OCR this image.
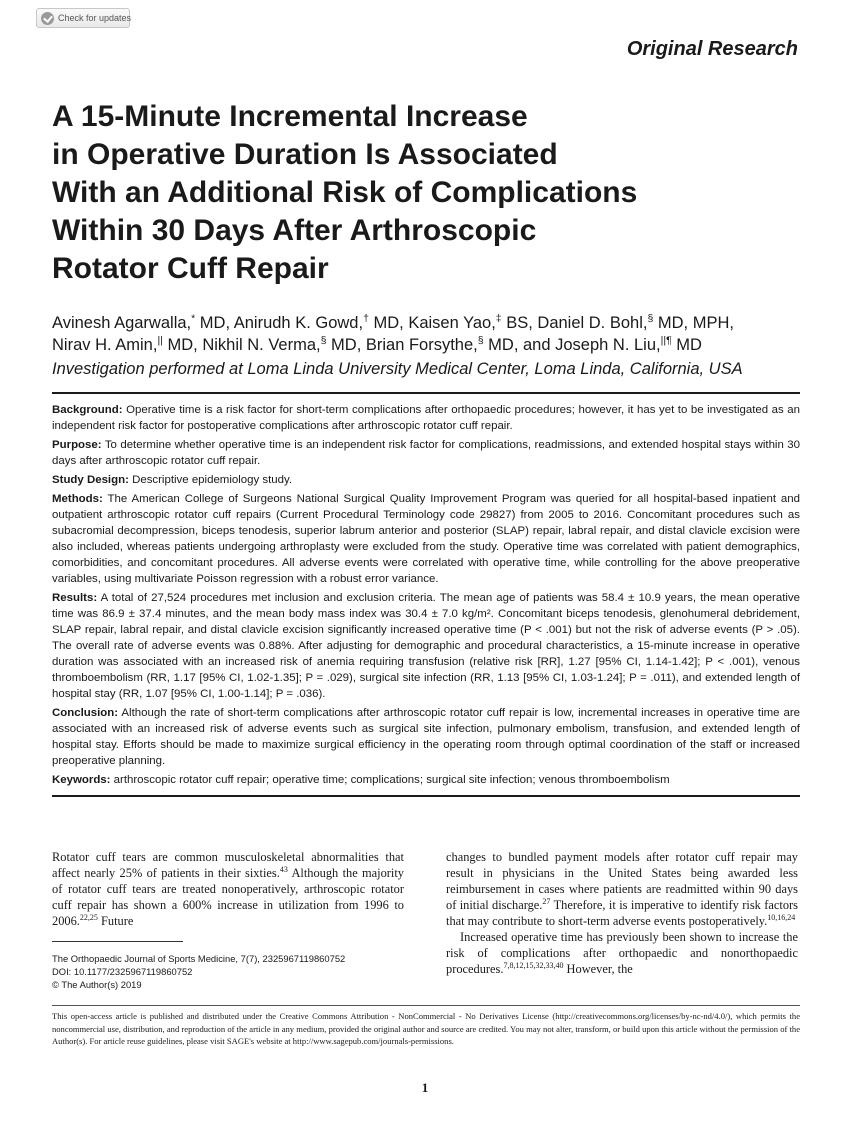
Check for updates
Original Research
A 15-Minute Incremental Increase
in Operative Duration Is Associated
With an Additional Risk of Complications
Within 30 Days After Arthroscopic
Rotator Cuff Repair
Avinesh Agarwalla,* MD, Anirudh K. Gowd,† MD, Kaisen Yao,‡ BS, Daniel D. Bohl,§ MD, MPH,
Nirav H. Amin,|| MD, Nikhil N. Verma,§ MD, Brian Forsythe,§ MD, and Joseph N. Liu,||¶ MD
Investigation performed at Loma Linda University Medical Center, Loma Linda, California, USA

Background: Operative time is a risk factor for short-term complications after orthopaedic procedures; however, it has yet to be investigated as an independent risk factor for postoperative complications after arthroscopic rotator cuff repair.

Purpose: To determine whether operative time is an independent risk factor for complications, readmissions, and extended hospital stays within 30 days after arthroscopic rotator cuff repair.

Study Design: Descriptive epidemiology study.

Methods: The American College of Surgeons National Surgical Quality Improvement Program was queried for all hospital-based inpatient and outpatient arthroscopic rotator cuff repairs (Current Procedural Terminology code 29827) from 2005 to 2016. Concomitant procedures such as subacromial decompression, biceps tenodesis, superior labrum anterior and posterior (SLAP) repair, labral repair, and distal clavicle excision were also included, whereas patients undergoing arthroplasty were excluded from the study. Operative time was correlated with patient demographics, comorbidities, and concomitant procedures. All adverse events were correlated with operative time, while controlling for the above preoperative variables, using multivariate Poisson regression with a robust error variance.

Results: A total of 27,524 procedures met inclusion and exclusion criteria. The mean age of patients was 58.4 ± 10.9 years, the mean operative time was 86.9 ± 37.4 minutes, and the mean body mass index was 30.4 ± 7.0 kg/m². Concomitant biceps tenodesis, glenohumeral debridement, SLAP repair, labral repair, and distal clavicle excision significantly increased operative time (P < .001) but not the risk of adverse events (P > .05). The overall rate of adverse events was 0.88%. After adjusting for demographic and procedural characteristics, a 15-minute increase in operative duration was associated with an increased risk of anemia requiring transfusion (relative risk [RR], 1.27 [95% CI, 1.14-1.42]; P < .001), venous thromboembolism (RR, 1.17 [95% CI, 1.02-1.35]; P = .029), surgical site infection (RR, 1.13 [95% CI, 1.03-1.24]; P = .011), and extended length of hospital stay (RR, 1.07 [95% CI, 1.00-1.14]; P = .036).

Conclusion: Although the rate of short-term complications after arthroscopic rotator cuff repair is low, incremental increases in operative time are associated with an increased risk of adverse events such as surgical site infection, pulmonary embolism, transfusion, and extended length of hospital stay. Efforts should be made to maximize surgical efficiency in the operating room through optimal coordination of the staff or increased preoperative planning.

Keywords: arthroscopic rotator cuff repair; operative time; complications; surgical site infection; venous thromboembolism

Rotator cuff tears are common musculoskeletal abnormalities that affect nearly 25% of patients in their sixties.$^{43}$ Although the majority of rotator cuff tears are treated nonoperatively, arthroscopic rotator cuff repair has shown a 600% increase in utilization from 1996 to 2006.$^{22,25}$ Future

The Orthopaedic Journal of Sports Medicine, 7(7), 2325967119860752
DOI: 10.1177/2325967119860752
© The Author(s) 2019

changes to bundled payment models after rotator cuff repair may result in physicians in the United States being awarded less reimbursement in cases where patients are readmitted within 90 days of initial discharge.$^{27}$ Therefore, it is imperative to identify risk factors that may contribute to short-term adverse events postoperatively.$^{10,16,24}$

Increased operative time has previously been shown to increase the risk of complications after orthopaedic and nonorthopaedic procedures.$^{7,8,12,15,32,33,40}$ However, the

This open-access article is published and distributed under the Creative Commons Attribution - NonCommercial - No Derivatives License (http://creativecommons.org/licenses/by-nc-nd/4.0/), which permits the noncommercial use, distribution, and reproduction of the article in any medium, provided the original author and source are credited. You may not alter, transform, or build upon this article without the permission of the Author(s). For article reuse guidelines, please visit SAGE's website at http://www.sagepub.com/journals-permissions.
1
